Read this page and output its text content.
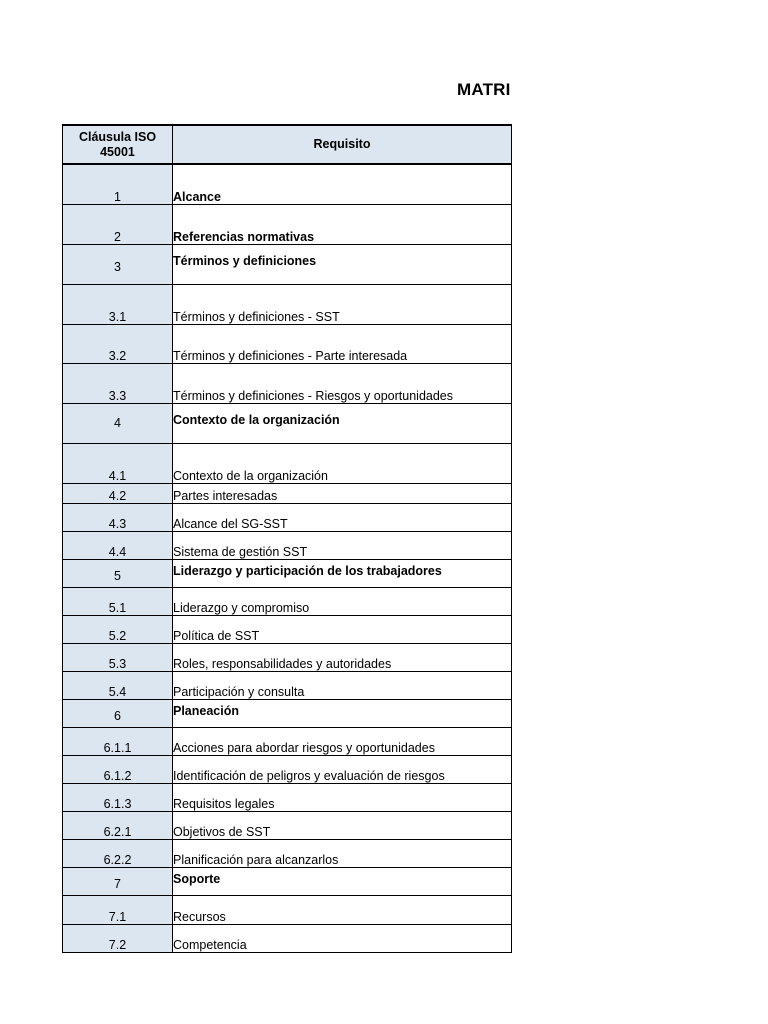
MATRI
Cláusula ISO 45001	Requisito
1	Alcance
2	Referencias normativas
3	Términos y definiciones
3.1	Términos y definiciones - SST
3.2	Términos y definiciones - Parte interesada
3.3	Términos y definiciones - Riesgos y oportunidades
4	Contexto de la organización
4.1	Contexto de la organización
4.2	Partes interesadas
4.3	Alcance del SG-SST
4.4	Sistema de gestión SST
5	Liderazgo y participación de los trabajadores
5.1	Liderazgo y compromiso
5.2	Política de SST
5.3	Roles, responsabilidades y autoridades
5.4	Participación y consulta
6	Planeación
6.1.1	Acciones para abordar riesgos y oportunidades
6.1.2	Identificación de peligros y evaluación de riesgos
6.1.3	Requisitos legales
6.2.1	Objetivos de SST
6.2.2	Planificación para alcanzarlos
7	Soporte
7.1	Recursos
7.2	Competencia
